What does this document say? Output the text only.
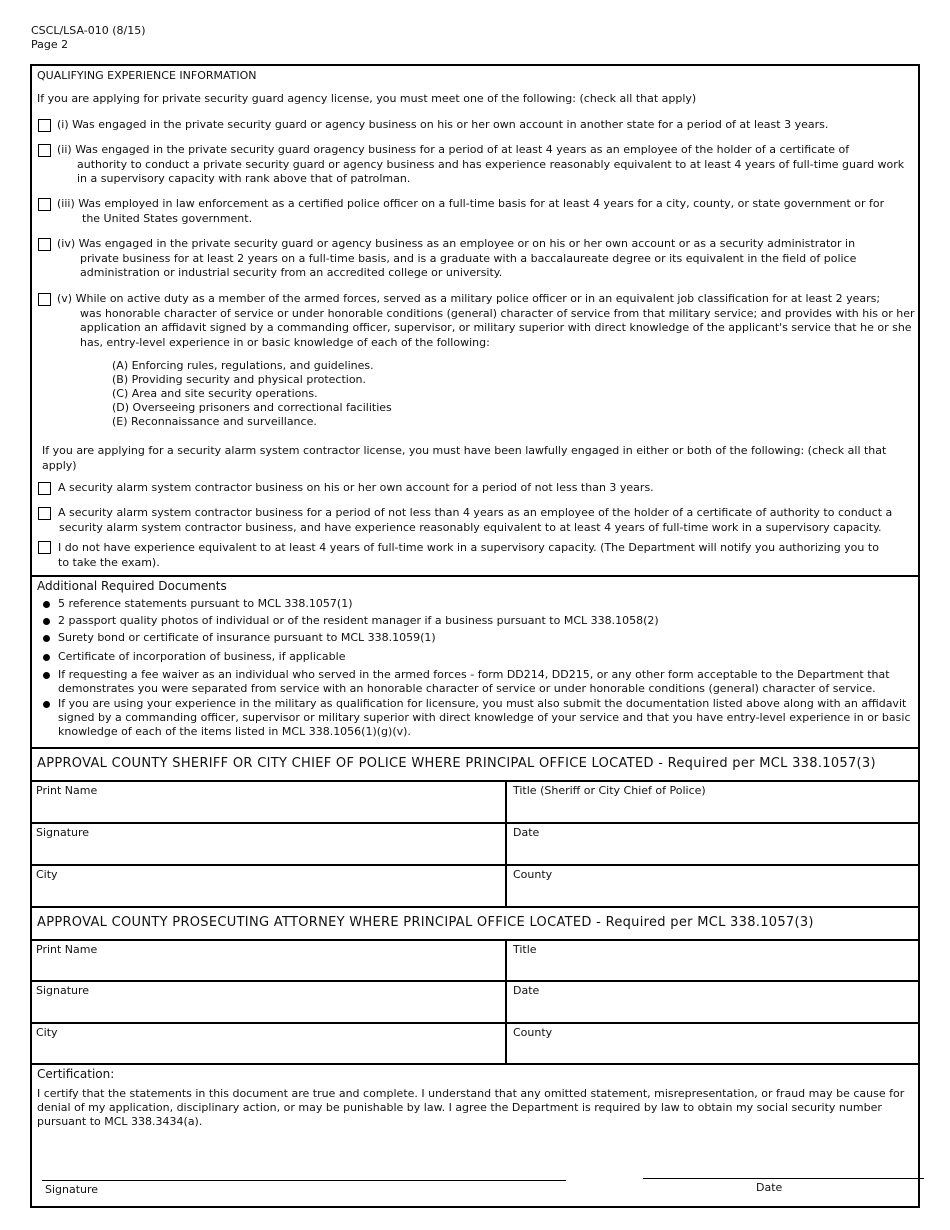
CSCL/LSA-010 (8/15)
Page 2
QUALIFYING EXPERIENCE INFORMATION
If you are applying for private security guard agency license, you must meet one of the following: (check all that apply)
(i) Was engaged in the private security guard or agency business on his or her own account in another state for a period of at least 3 years.
(ii) Was engaged in the private security guard oragency business for a period of at least 4 years as an employee of the holder of a certificate of
authority to conduct a private security guard or agency business and has experience reasonably equivalent to at least 4 years of full-time guard work
in a supervisory capacity with rank above that of patrolman.
(iii) Was employed in law enforcement as a certified police officer on a full-time basis for at least 4 years for a city, county, or state government or for
the United States government.
(iv) Was engaged in the private security guard or agency business as an employee or on his or her own account or as a security administrator in
private business for at least 2 years on a full-time basis, and is a graduate with a baccalaureate degree or its equivalent in the field of police
administration or industrial security from an accredited college or university.
(v) While on active duty as a member of the armed forces, served as a military police officer or in an equivalent job classification for at least 2 years;
was honorable character of service or under honorable conditions (general) character of service from that military service; and provides with his or her
application an affidavit signed by a commanding officer, supervisor, or military superior with direct knowledge of the applicant's service that he or she
has, entry-level experience in or basic knowledge of each of the following:
(A) Enforcing rules, regulations, and guidelines.
(B) Providing security and physical protection.
(C) Area and site security operations.
(D) Overseeing prisoners and correctional facilities
(E) Reconnaissance and surveillance.
If you are applying for a security alarm system contractor license, you must have been lawfully engaged in either or both of the following: (check all that
apply)
A security alarm system contractor business on his or her own account for a period of not less than 3 years.
A security alarm system contractor business for a period of not less than 4 years as an employee of the holder of a certificate of authority to conduct a
security alarm system contractor business, and have experience reasonably equivalent to at least 4 years of full-time work in a supervisory capacity.
I do not have experience equivalent to at least 4 years of full-time work in a supervisory capacity. (The Department will notify you authorizing you to
to take the exam).
Additional Required Documents
5 reference statements pursuant to MCL 338.1057(1)
2 passport quality photos of individual or of the resident manager if a business pursuant to MCL 338.1058(2)
Surety bond or certificate of insurance pursuant to MCL 338.1059(1)
Certificate of incorporation of business, if applicable
If requesting a fee waiver as an individual who served in the armed forces - form DD214, DD215, or any other form acceptable to the Department that
demonstrates you were separated from service with an honorable character of service or under honorable conditions (general) character of service.
If you are using your experience in the military as qualification for licensure, you must also submit the documentation listed above along with an affidavit
signed by a commanding officer, supervisor or military superior with direct knowledge of your service and that you have entry-level experience in or basic
knowledge of each of the items listed in MCL 338.1056(1)(g)(v).
APPROVAL COUNTY SHERIFF OR CITY CHIEF OF POLICE WHERE PRINCIPAL OFFICE LOCATED - Required per MCL 338.1057(3)
Print Name	Title (Sheriff or City Chief of Police)
Signature	Date
City	County
APPROVAL COUNTY PROSECUTING ATTORNEY WHERE PRINCIPAL OFFICE LOCATED - Required per MCL 338.1057(3)
Print Name	Title
Signature	Date
City	County
Certification:
I certify that the statements in this document are true and complete. I understand that any omitted statement, misrepresentation, or fraud may be cause for
denial of my application, disciplinary action, or may be punishable by law. I agree the Department is required by law to obtain my social security number
pursuant to MCL 338.3434(a).
Signature	Date
